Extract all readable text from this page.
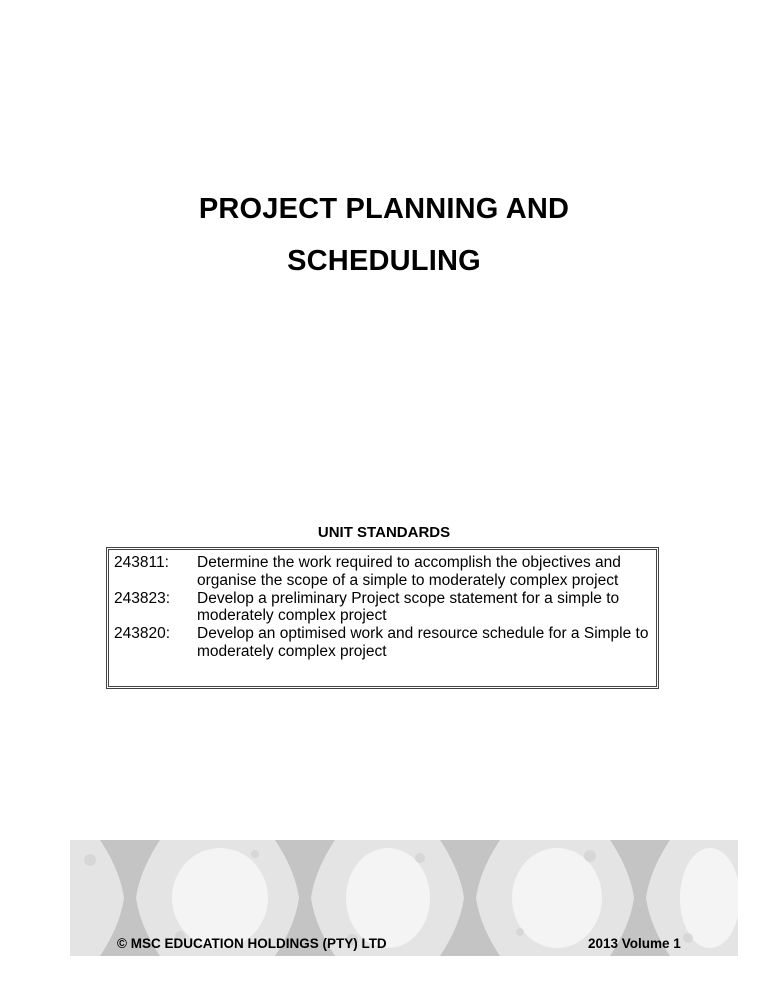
PROJECT PLANNING AND
SCHEDULING
UNIT STANDARDS
243811:	Determine the work required to accomplish the objectives and organise the scope of a simple to moderately complex project
243823:	Develop a preliminary Project scope statement for a simple to moderately complex project
243820:	Develop an optimised work and resource schedule for a Simple to moderately complex project
© MSC EDUCATION HOLDINGS (PTY) LTD	2013 Volume 1
